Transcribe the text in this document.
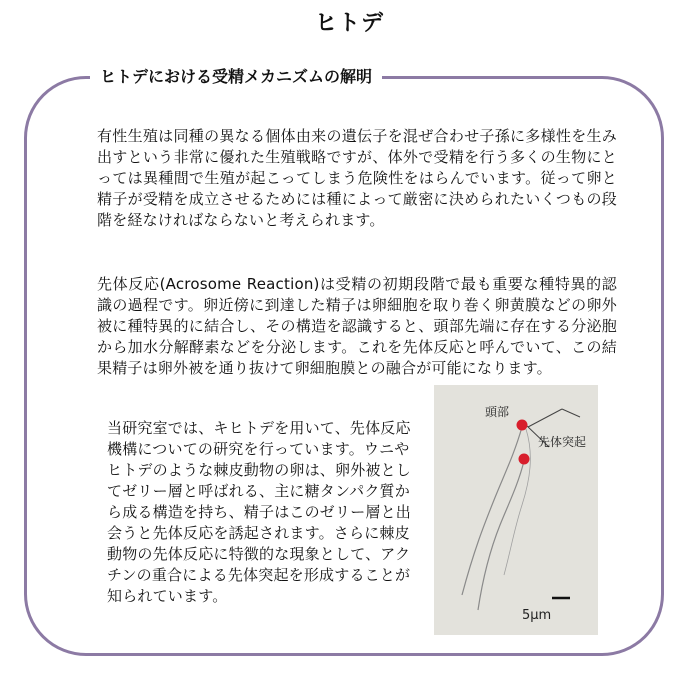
ヒトデ
ヒトデにおける受精メカニズムの解明
有性生殖は同種の異なる個体由来の遺伝子を混ぜ合わせ子孫に多様性を生み出すという非常に優れた生殖戦略ですが、体外で受精を行う多くの生物にとっては異種間で生殖が起こってしまう危険性をはらんでいます。従って卵と精子が受精を成立させるためには種によって厳密に決められたいくつもの段階を経なければならないと考えられます。
先体反応(Acrosome Reaction)は受精の初期段階で最も重要な種特異的認識の過程です。卵近傍に到達した精子は卵細胞を取り巻く卵黄膜などの卵外被に種特異的に結合し、その構造を認識すると、頭部先端に存在する分泌胞から加水分解酵素などを分泌します。これを先体反応と呼んでいて、この結果精子は卵外被を通り抜けて卵細胞膜との融合が可能になります。
当研究室では、キヒトデを用いて、先体反応機構についての研究を行っています。ウニやヒトデのような棘皮動物の卵は、卵外被としてゼリー層と呼ばれる、主に糖タンパク質から成る構造を持ち、精子はこのゼリー層と出会うと先体反応を誘起されます。さらに棘皮動物の先体反応に特徴的な現象として、アクチンの重合による先体突起を形成することが知られています。
頭部
先体突起
5μm
